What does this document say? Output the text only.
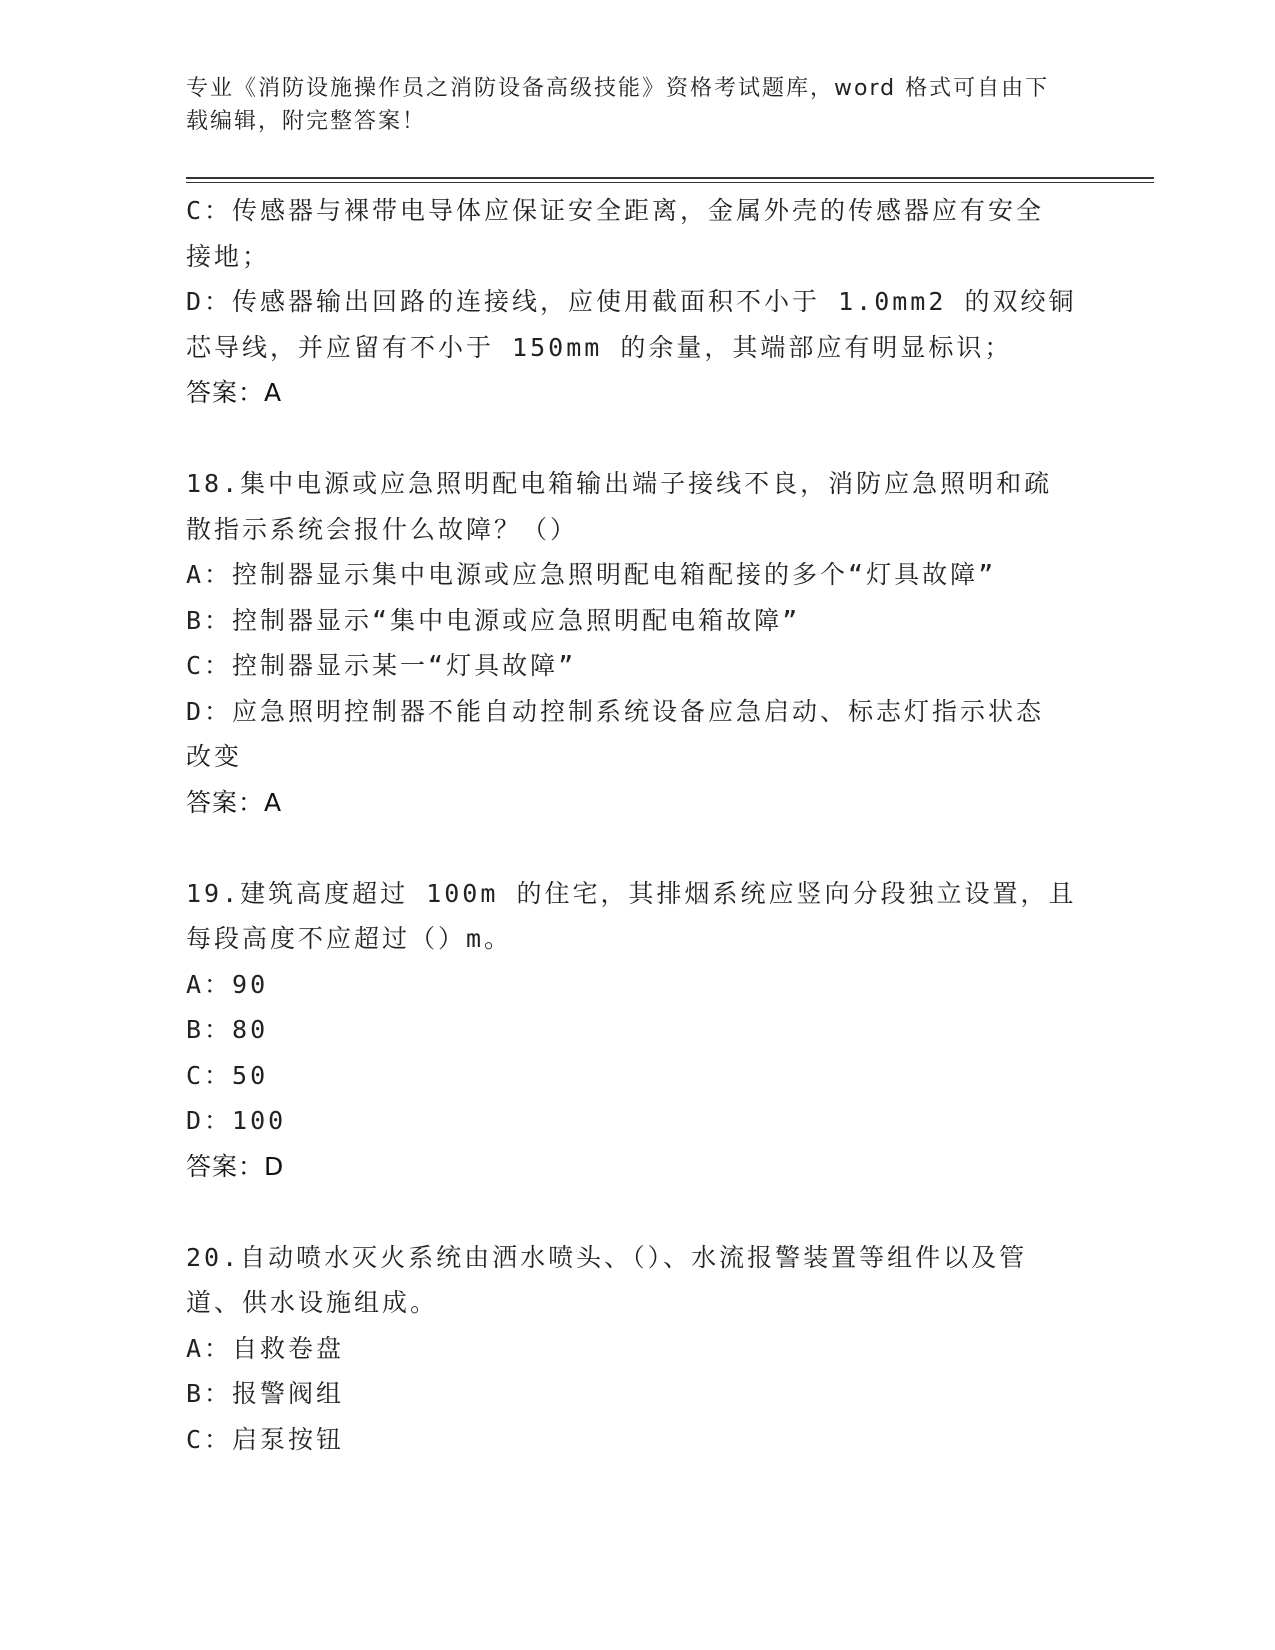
专业《消防设施操作员之消防设备高级技能》资格考试题库，word 格式可自由下
载编辑，附完整答案！
C：传感器与裸带电导体应保证安全距离，金属外壳的传感器应有安全
接地；
D：传感器输出回路的连接线，应使用截面积不小于 1.0mm2 的双绞铜
芯导线，并应留有不小于 150mm 的余量，其端部应有明显标识；
答案：A
18.集中电源或应急照明配电箱输出端子接线不良，消防应急照明和疏
散指示系统会报什么故障？（）
A：控制器显示集中电源或应急照明配电箱配接的多个“灯具故障”
B：控制器显示“集中电源或应急照明配电箱故障”
C：控制器显示某一“灯具故障”
D：应急照明控制器不能自动控制系统设备应急启动、标志灯指示状态
改变
答案：A
19.建筑高度超过 100m 的住宅，其排烟系统应竖向分段独立设置，且
每段高度不应超过（）m。
A：90
B：80
C：50
D：100
答案：D
20.自动喷水灭火系统由洒水喷头、（）、水流报警装置等组件以及管
道、供水设施组成。
A：自救卷盘
B：报警阀组
C：启泵按钮
